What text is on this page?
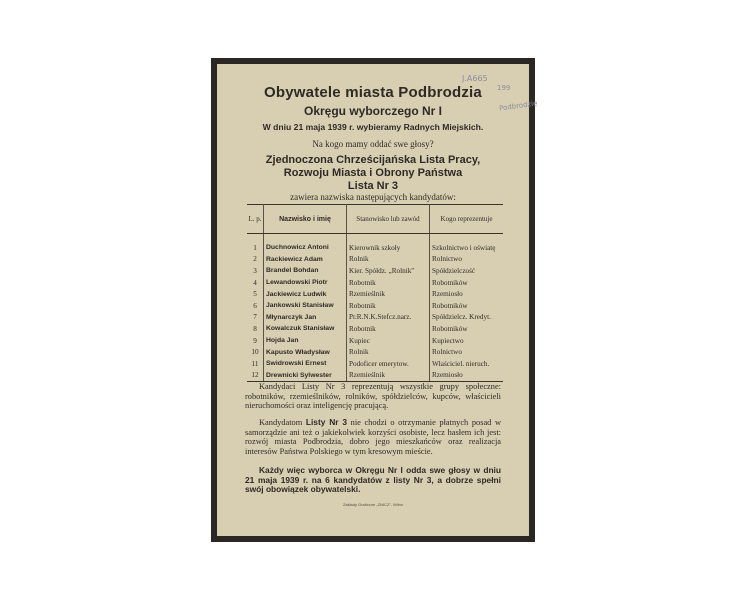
J.A665
199
Podbrodzie
Obywatele miasta Podbrodzia
Okręgu wyborczego Nr I
W dniu 21 maja 1939 r. wybieramy Radnych Miejskich.
Na kogo mamy oddać swe głosy?
Zjednoczona Chrześcijańska Lista Pracy,
Rozwoju Miasta i Obrony Państwa
Lista Nr 3
zawiera nazwiska następujących kandydatów:
L. p.	Nazwisko i imię	Stanowisko lub zawód	Kogo reprezentuje

1	Duchnowicz Antoni	Kierownik szkoły	Szkolnictwo i oświatę
2	Rackiewicz Adam	Rolnik	Rolnictwo
3	Brandel Bohdan	Kier. Spółdz. „Rolnik"	Spółdzielczość
4	Lewandowski Piotr	Robotnik	Robotników
5	Jackiewicz Ludwik	Rzemieślnik	Rzemiosło
6	Jankowski Stanisław	Robotnik	Robotników
7	Młynarczyk Jan	Pr.R.N.K.Stefcz.narz.	Spółdzielcz. Kredyt.
8	Kowalczuk Stanisław	Robotnik	Robotników
9	Hojda Jan	Kupiec	Kupiectwo
10	Kapusto Władysław	Rolnik	Rolnictwo
11	Swidrowski Ernest	Podoficer emerytow.	Właściciel. nieruch.
12	Drewnicki Sylwester	Rzemieślnik	Rzemiosło

Kandydaci Listy Nr 3 reprezentują wszystkie grupy społeczne: robotników, rzemieślników, rolników, spółdzielców, kupców, właścicieli nieruchomości oraz inteligencję pracującą.

Kandydatom Listy Nr 3 nie chodzi o otrzymanie płatnych posad w samorządzie ani też o jakiekolwiek korzyści osobiste, lecz hasłem ich jest: rozwój miasta Podbrodzia, dobro jego mieszkańców oraz realizacja interesów Państwa Polskiego w tym kresowym mieście.

Każdy więc wyborca w Okręgu Nr I odda swe głosy w dniu 21 maja 1939 r. na 6 kandydatów z listy Nr 3, a dobrze spełni swój obowiązek obywatelski.

Zakłady Graficzne „ZNICZ", Wilno
